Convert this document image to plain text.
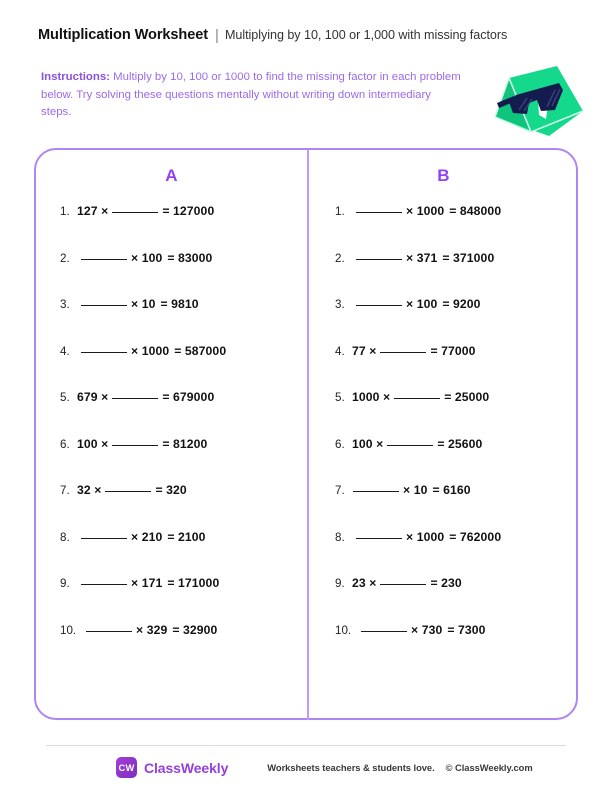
Multiplication Worksheet | Multiplying by 10, 100 or 1,000 with missing factors
Instructions: Multiply by 10, 100 or 1000 to find the missing factor in each problem below. Try solving these questions mentally without writing down intermediary steps.
A
1. 127 ×	= 127000
2.	× 100 = 83000
3.	× 10 = 9810
4.	× 1000 = 587000
5. 679 ×	= 679000
6. 100 ×	= 81200
7. 32 ×	= 320
8.	× 210 = 2100
9.	× 171 = 171000
10.	× 329 = 32900
B
1.	× 1000 = 848000
2.	× 371 = 371000
3.	× 100 = 9200
4. 77 ×	= 77000
5. 1000 ×	= 25000
6. 100 ×	= 25600
7.	× 10 = 6160
8.	× 1000 = 762000
9. 23 ×	= 230
10.	× 730 = 7300
CW ClassWeekly	Worksheets teachers & students love. © ClassWeekly.com
